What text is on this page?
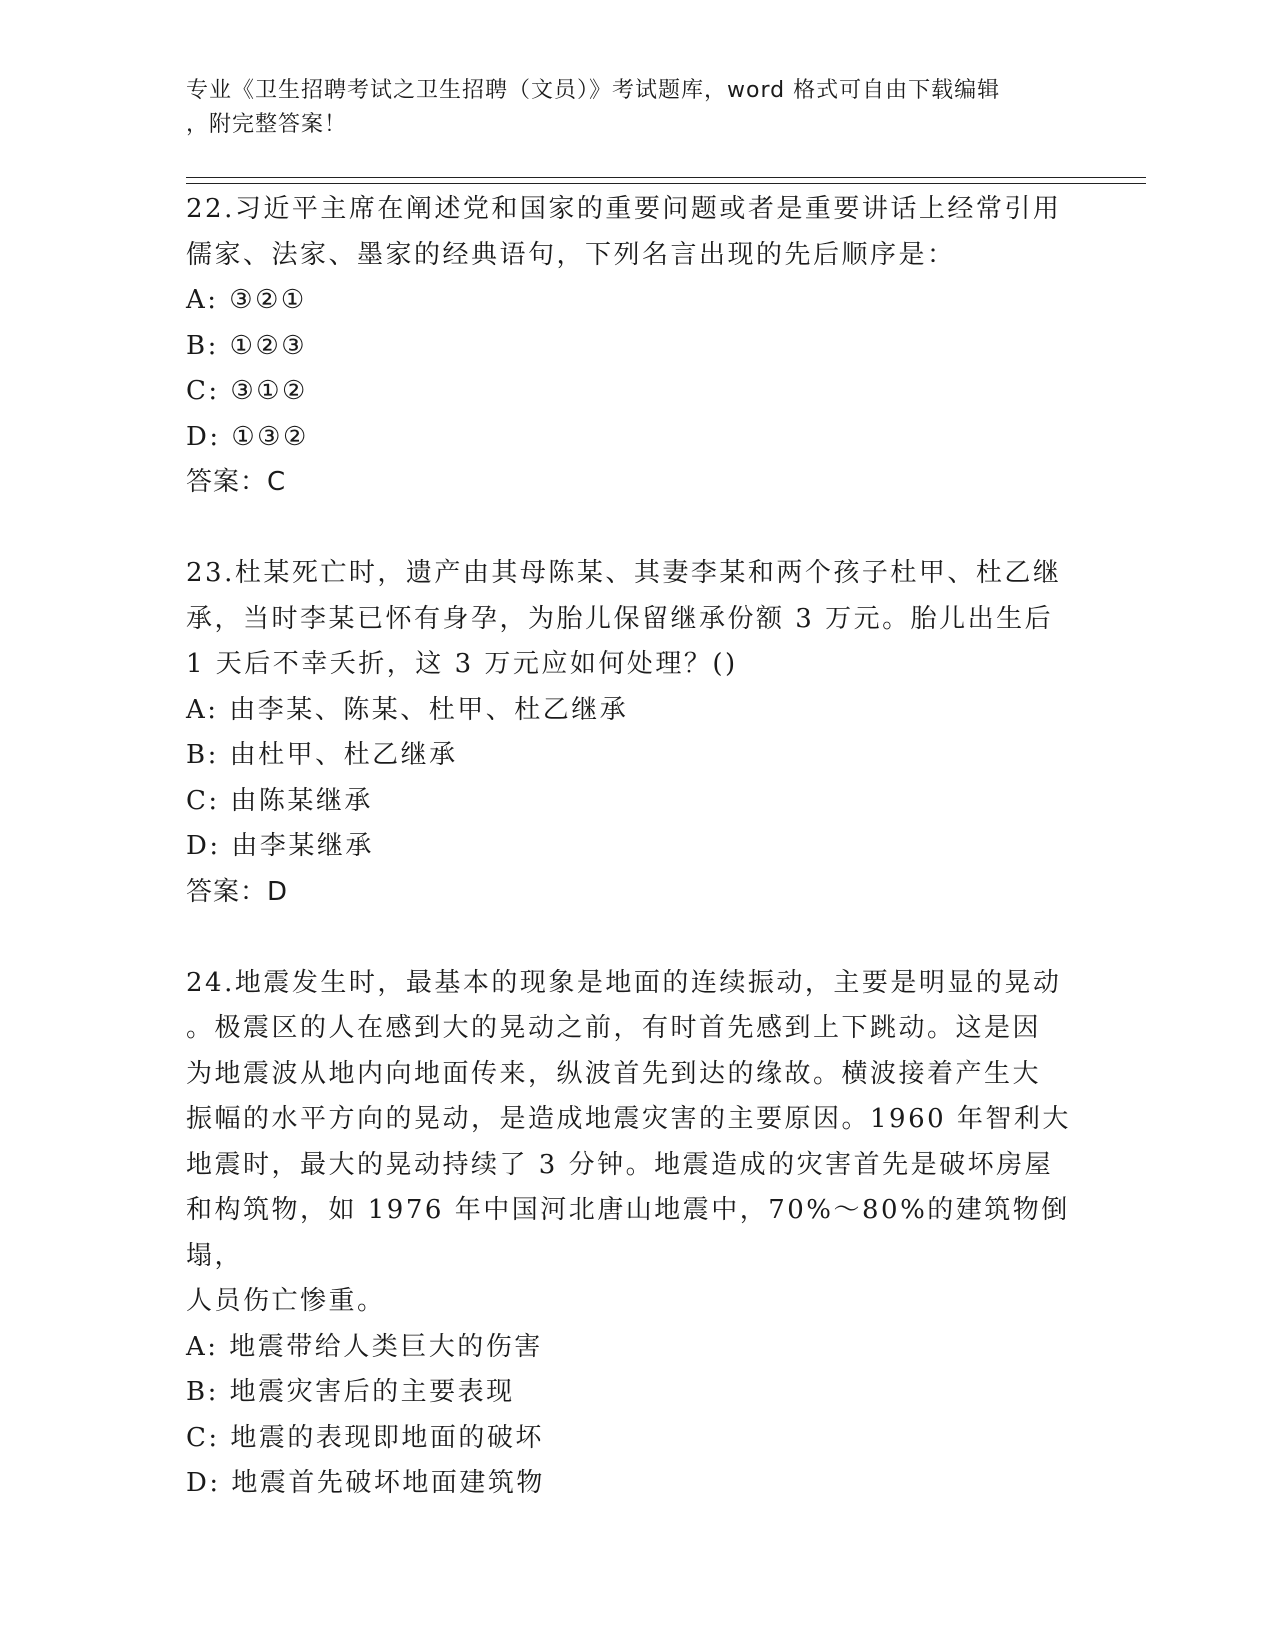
专业《卫生招聘考试之卫生招聘（文员）》考试题库，word 格式可自由下载编辑

，附完整答案！

22.习近平主席在阐述党和国家的重要问题或者是重要讲话上经常引用

儒家、法家、墨家的经典语句，下列名言出现的先后顺序是：

A: ③②①

B: ①②③

C: ③①②

D: ①③②

答案：C

23.杜某死亡时，遗产由其母陈某、其妻李某和两个孩子杜甲、杜乙继

承，当时李某已怀有身孕，为胎儿保留继承份额 3 万元。胎儿出生后

1 天后不幸夭折，这 3 万元应如何处理？()

A: 由李某、陈某、杜甲、杜乙继承

B: 由杜甲、杜乙继承

C: 由陈某继承

D: 由李某继承

答案：D

24.地震发生时，最基本的现象是地面的连续振动，主要是明显的晃动

。极震区的人在感到大的晃动之前，有时首先感到上下跳动。这是因

为地震波从地内向地面传来，纵波首先到达的缘故。横波接着产生大

振幅的水平方向的晃动，是造成地震灾害的主要原因。1960 年智利大

地震时，最大的晃动持续了 3 分钟。地震造成的灾害首先是破坏房屋

和构筑物，如 1976 年中国河北唐山地震中，70%～80%的建筑物倒塌，

人员伤亡惨重。

A: 地震带给人类巨大的伤害

B: 地震灾害后的主要表现

C: 地震的表现即地面的破坏

D: 地震首先破坏地面建筑物
